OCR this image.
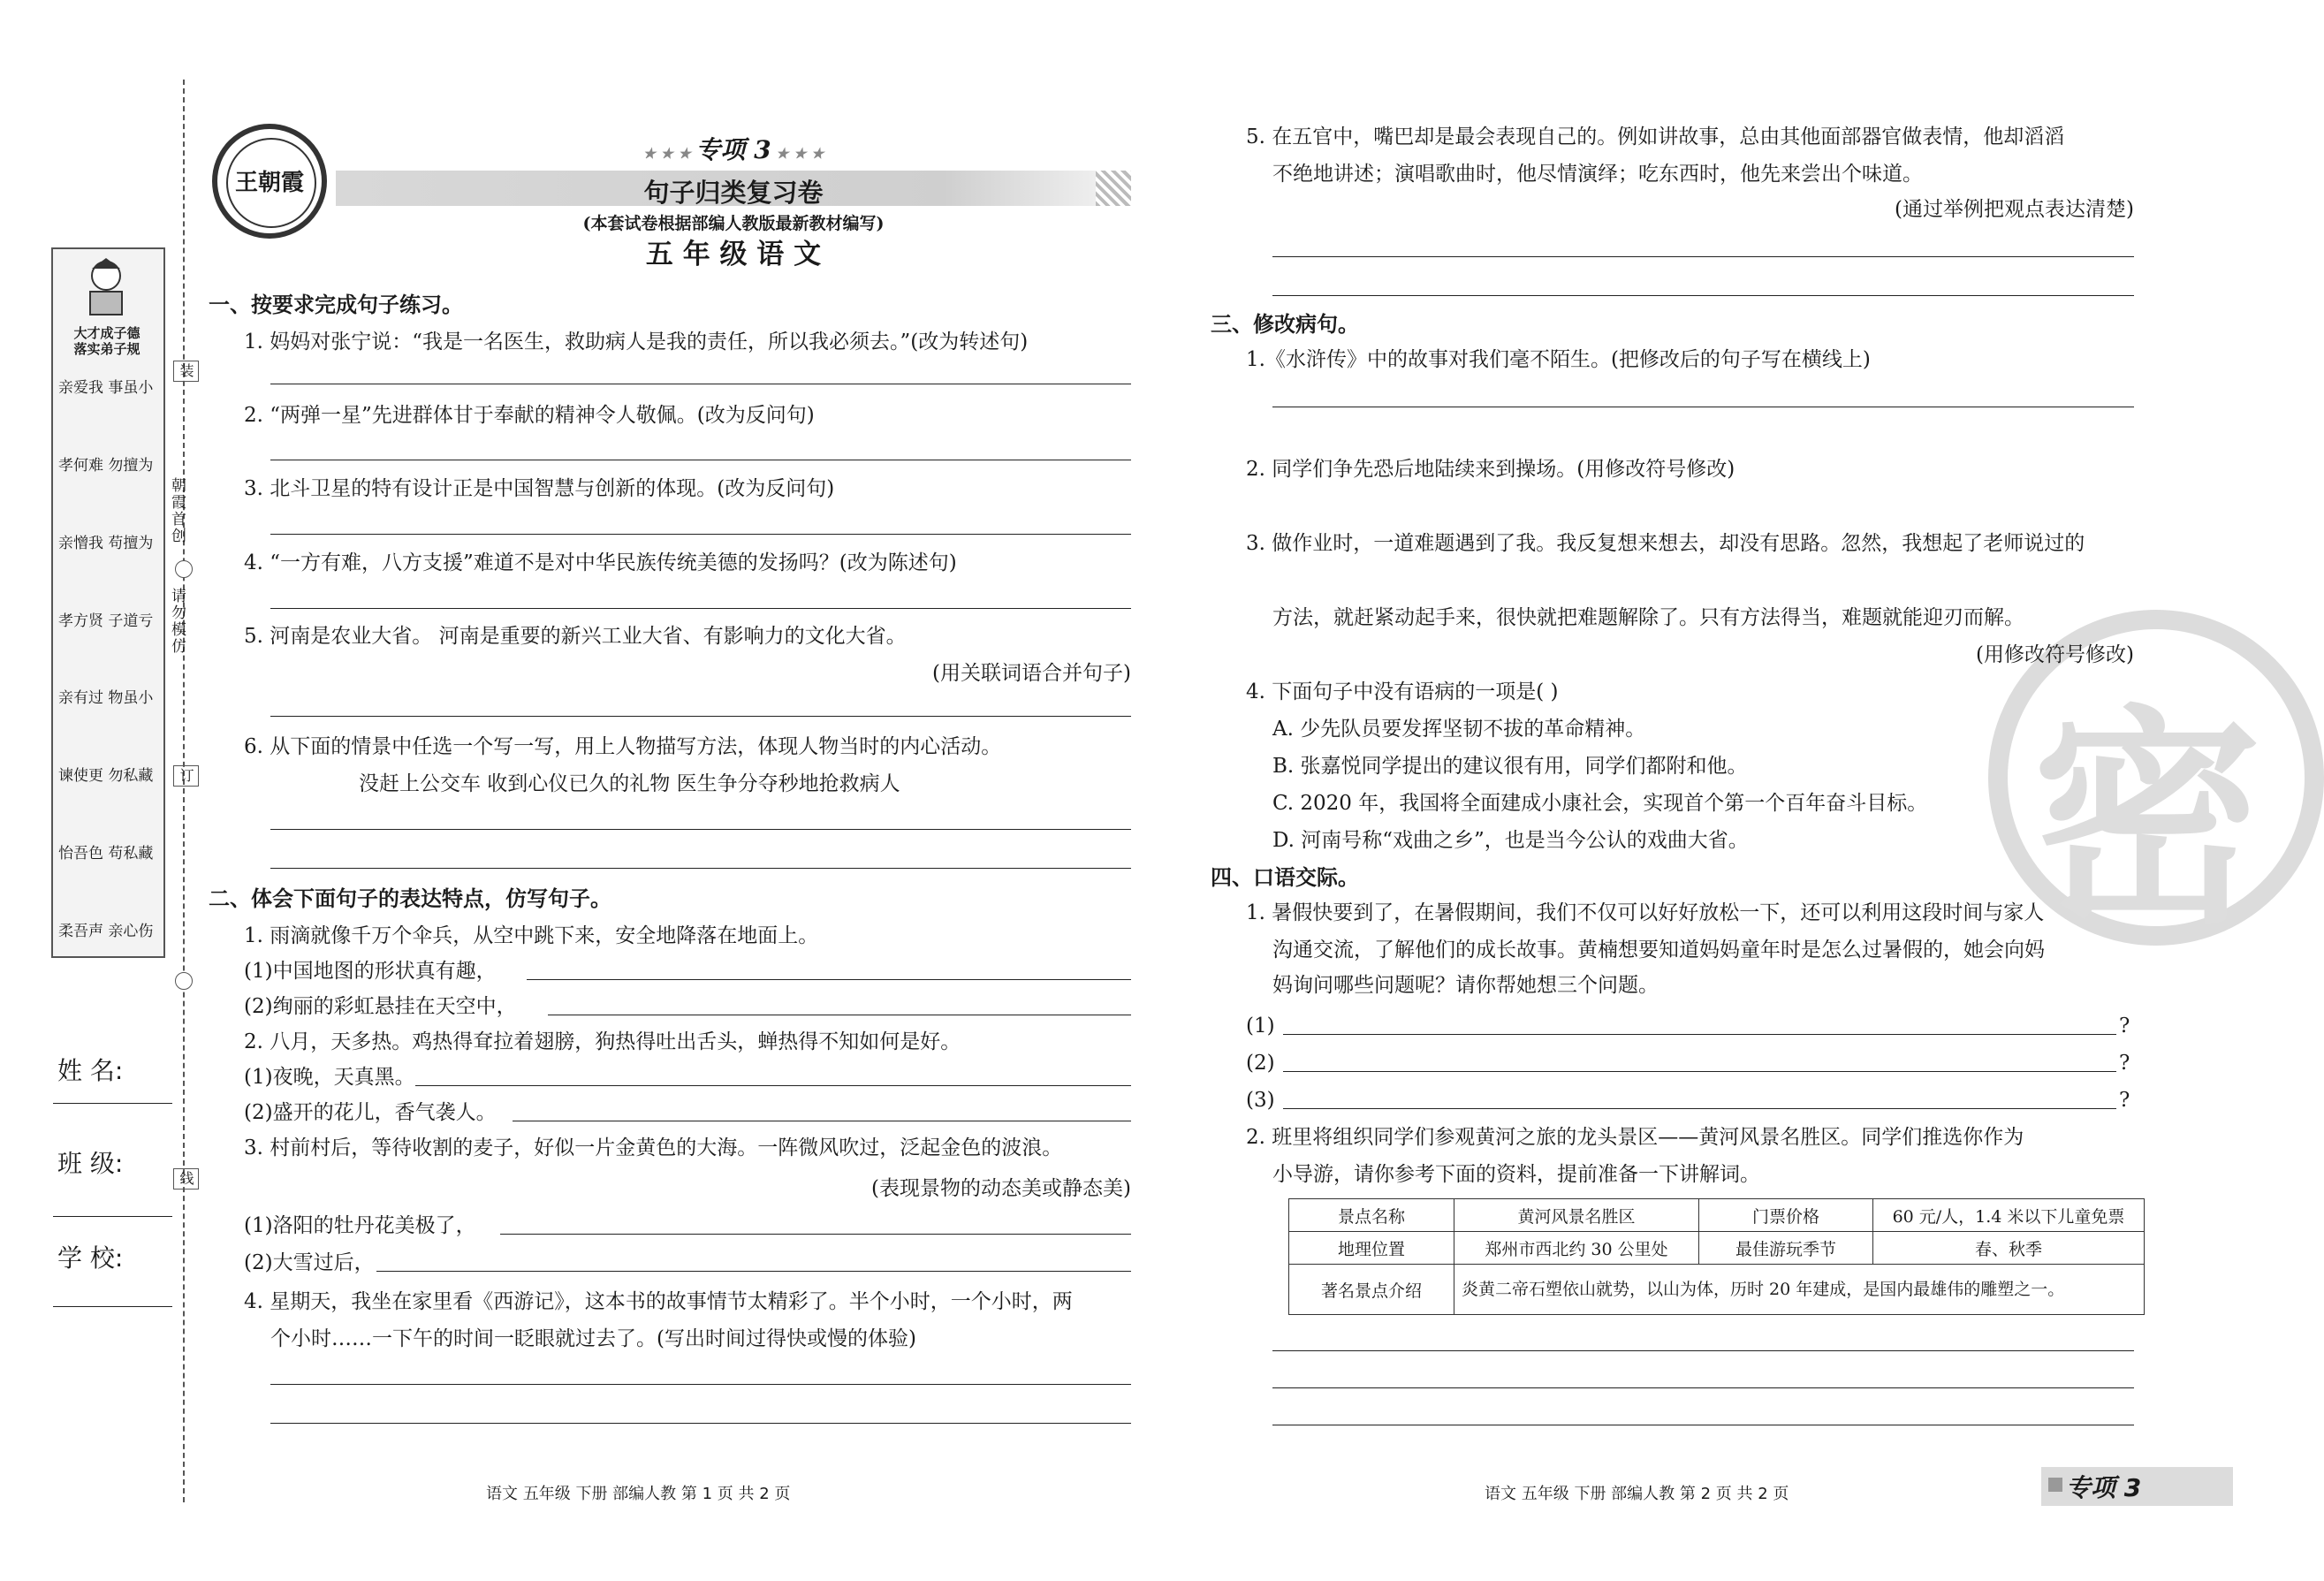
大才成子德
落实弟子规
亲爱我 事虽小
孝何难 勿擅为
亲憎我 苟擅为
孝方贤 子道亏
亲有过 物虽小
谏使更 勿私藏
怡吾色 苟私藏
柔吾声 亲心伤
朝霞首创
请勿模仿
装
订
线
姓 名:
班 级:
学 校:
王朝霞
★ ★ ★ 专项 3 ★ ★ ★
句子归类复习卷
(本套试卷根据部编人教版最新教材编写)
五 年 级 语 文
一、按要求完成句子练习。
1. 妈妈对张宁说：“我是一名医生，救助病人是我的责任，所以我必须去。”(改为转述句)
2. “两弹一星”先进群体甘于奉献的精神令人敬佩。(改为反问句)
3. 北斗卫星的特有设计正是中国智慧与创新的体现。(改为反问句)
4. “一方有难，八方支援”难道不是对中华民族传统美德的发扬吗？(改为陈述句)
5. 河南是农业大省。 河南是重要的新兴工业大省、有影响力的文化大省。
(用关联词语合并句子)
6. 从下面的情景中任选一个写一写，用上人物描写方法，体现人物当时的内心活动。
没赶上公交车 收到心仪已久的礼物 医生争分夺秒地抢救病人
二、体会下面句子的表达特点，仿写句子。
1. 雨滴就像千万个伞兵，从空中跳下来，安全地降落在地面上。
(1)中国地图的形状真有趣，
(2)绚丽的彩虹悬挂在天空中，
2. 八月，天多热。鸡热得耷拉着翅膀，狗热得吐出舌头，蝉热得不知如何是好。
(1)夜晚，天真黑。
(2)盛开的花儿，香气袭人。
3. 村前村后，等待收割的麦子，好似一片金黄色的大海。一阵微风吹过，泛起金色的波浪。
(表现景物的动态美或静态美)
(1)洛阳的牡丹花美极了，
(2)大雪过后，
4. 星期天，我坐在家里看《西游记》，这本书的故事情节太精彩了。半个小时，一个小时，两
个小时……一下午的时间一眨眼就过去了。(写出时间过得快或慢的体验)
语文 五年级 下册 部编人教 第 1 页 共 2 页
密
5. 在五官中，嘴巴却是最会表现自己的。例如讲故事，总由其他面部器官做表情，他却滔滔
不绝地讲述；演唱歌曲时，他尽情演绎；吃东西时，他先来尝出个味道。
(通过举例把观点表达清楚)
三、修改病句。
1.《水浒传》中的故事对我们毫不陌生。(把修改后的句子写在横线上)
2. 同学们争先恐后地陆续来到操场。(用修改符号修改)
3. 做作业时，一道难题遇到了我。我反复想来想去，却没有思路。忽然，我想起了老师说过的
方法，就赶紧动起手来，很快就把难题解除了。只有方法得当，难题就能迎刃而解。
(用修改符号修改)
4. 下面句子中没有语病的一项是( )
A. 少先队员要发挥坚韧不拔的革命精神。
B. 张嘉悦同学提出的建议很有用，同学们都附和他。
C. 2020 年，我国将全面建成小康社会，实现首个第一个百年奋斗目标。
D. 河南号称“戏曲之乡”，也是当今公认的戏曲大省。
四、口语交际。
1. 暑假快要到了，在暑假期间，我们不仅可以好好放松一下，还可以利用这段时间与家人
沟通交流，了解他们的成长故事。黄楠想要知道妈妈童年时是怎么过暑假的，她会向妈
妈询问哪些问题呢？请你帮她想三个问题。
(1)	?
(2)	?
(3)	?
2. 班里将组织同学们参观黄河之旅的龙头景区——黄河风景名胜区。同学们推选你作为
小导游，请你参考下面的资料，提前准备一下讲解词。
景点名称	黄河风景名胜区	门票价格	60 元/人，1.4 米以下儿童免票
地理位置	郑州市西北约 30 公里处	最佳游玩季节	春、秋季
著名景点介绍	炎黄二帝石塑依山就势，以山为体，历时 20 年建成，是国内最雄伟的雕塑之一。		
语文 五年级 下册 部编人教 第 2 页 共 2 页	专项 3
